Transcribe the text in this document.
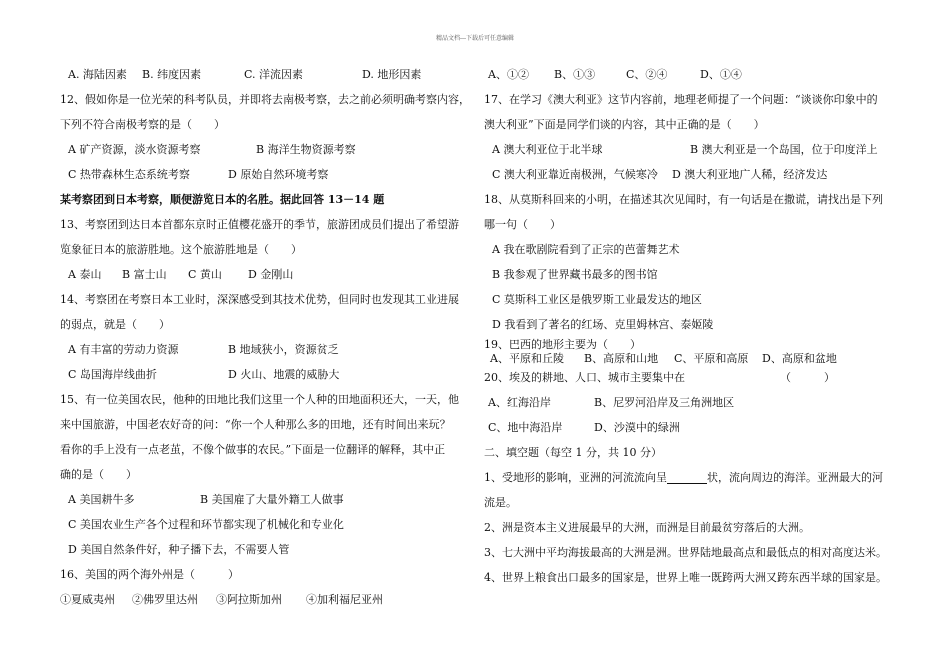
精品文档---下载后可任意编辑
A. 海陆因素 B. 纬度因素	C. 洋流因素	D. 地形因素
12、假如你是一位光荣的科考队员，并即将去南极考察，去之前必须明确考察内容，
下列不符合南极考察的是（　　）
A 矿产资源，淡水资源考察	B 海洋生物资源考察
C 热带森林生态系统考察	D 原始自然环境考察
某考察团到日本考察，顺便游览日本的名胜。据此回答 13－14 题
13、考察团到达日本首都东京时正值樱花盛开的季节，旅游团成员们提出了希望游
览象征日本的旅游胜地。这个旅游胜地是（　　）
A 泰山 B 富士山 C 黄山 D 金刚山
14、考察团在考察日本工业时，深深感受到其技术优势，但同时也发现其工业进展
的弱点，就是（　　）
A 有丰富的劳动力资源	B 地域狭小，资源贫乏
C 岛国海岸线曲折	D 火山、地震的威胁大
15、有一位美国农民，他种的田地比我们这里一个人种的田地面积还大，一天，他
来中国旅游，中国老农好奇的问：“你一个人种那么多的田地，还有时间出来玩？
看你的手上没有一点老茧，不像个做事的农民。”下面是一位翻译的解释，其中正
确的是（　　）
A 美国耕牛多	B 美国雇了大量外籍工人做事
C 美国农业生产各个过程和环节都实现了机械化和专业化
D 美国自然条件好，种子播下去，不需要人管
16、美国的两个海外州是（　　　）
①夏威夷州 ②佛罗里达州 ③阿拉斯加州 ④加利福尼亚州
A、①② B、①③	C、②④	D、①④
17、在学习《澳大利亚》这节内容前，地理老师提了一个问题：“谈谈你印象中的
澳大利亚”下面是同学们谈的内容，其中正确的是（　　）
A 澳大利亚位于北半球	B 澳大利亚是一个岛国，位于印度洋上
C 澳大利亚靠近南极洲，气候寒冷 D 澳大利亚地广人稀，经济发达
18、从莫斯科回来的小明，在描述其次见闻时，有一句话是在撒谎，请找出是下列
哪一句（　　）
A 我在歌剧院看到了正宗的芭蕾舞艺术
B 我参观了世界藏书最多的图书馆
C 莫斯科工业区是俄罗斯工业最发达的地区
D 我看到了著名的红场、克里姆林宫、泰姬陵
19、巴西的地形主要为（　　）
A、平原和丘陵 B、高原和山地 C、平原和高原 D、高原和盆地
20、埃及的耕地、人口、城市主要集中在	（　　　）
A、红海沿岸	B、尼罗河沿岸及三角洲地区
C、地中海沿岸	D、沙漠中的绿洲
二、填空题（每空 1 分，共 10 分）
1、受地形的影响，亚洲的河流流向呈	状，流向周边的海洋。亚洲最大的河
流是。
2、洲是资本主义进展最早的大洲，而洲是目前最贫穷落后的大洲。
3、七大洲中平均海拔最高的大洲是洲。世界陆地最高点和最低点的相对高度达米。
4、世界上粮食出口最多的国家是，世界上唯一既跨两大洲又跨东西半球的国家是。
